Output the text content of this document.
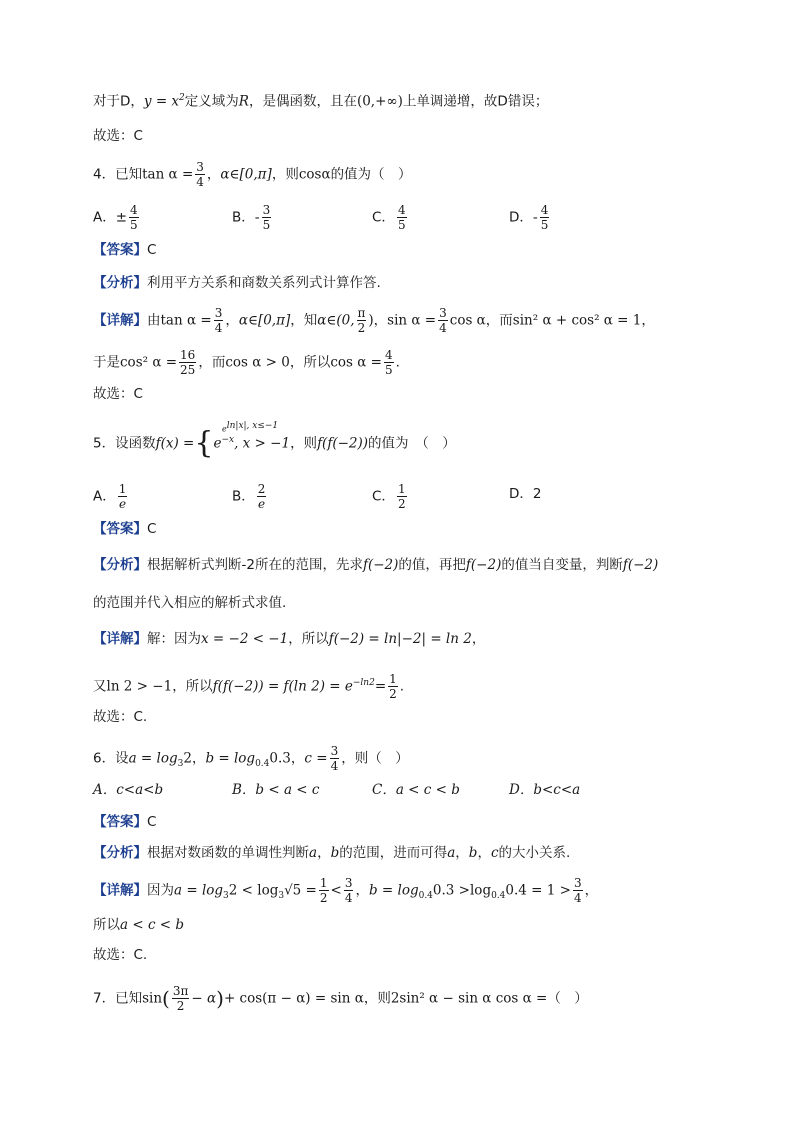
对于D，$y = x^2$定义域为R，是偶函数，且在(0,+∞)上单调递增，故D错误；
故选：C
4．已知$\tan \alpha = \frac{3}{4}$ ，α∈[0,π]，则cosα的值为（　）
A．± $\frac{4}{5}$	B．- $\frac{3}{5}$	C． $\frac{4}{5}$	D．- $\frac{4}{5}$
【答案】C
【分析】利用平方关系和商数关系列式计算作答.
【详解】由$\tan \alpha = \frac{3}{4}$ ，α∈[0,π]，知α∈(0, $\frac{\pi}{2}$ )，$\sin \alpha = \frac{3}{4}$ cos α，而sin² α + cos² α = 1，
于是cos² $\alpha = \frac{16}{25}$ ，而cos α > 0，所以$\cos \alpha = \frac{4}{5}$ .
故选：C
5．设函数$f(x) =\{e^{-x}$, x > −1，则f(f(−2))的值为　（　）
$e^{ln|x|, x\le-1}$
A． $\frac{1}{e}$	B． $\frac{2}{e}$	C． $\frac{1}{2}$	D．2
【答案】C
【分析】根据解析式判断-2所在的范围，先求f(−2)的值，再把f(−2)的值当自变量，判断f(−2)
的范围并代入相应的解析式求值.
【详解】解：因为x = −2 < −1，所以f(−2) = ln|−2| = ln 2，
又ln 2 > −1，所以f(f(−2)) = f(ln $2) = e^{-ln2}= \frac{1}{2}$ .
故选：C.
6．设$a = \log_32$，$b = \log_{0.4}0.3$，$c = \frac{3}{4}$ ，则（　）
A．c<a<b	B．b < a < c	C．a < c < b	D．b<c<a
【答案】C
【分析】根据对数函数的单调性判断a，b的范围，进而可得a，b，c的大小关系.
【详解】因为$a = \log_32 < \log_3√5 = \frac{1}{2} < \frac{3}{4}$ ，$b = \log_{0.4}0.3 >\log_{0.4}0.4 = 1 > \frac{3}{4}$ ，
所以a < c < b
故选：C.
7．已知$\sin( \frac{3\pi}{2} - \alpha)+ \cos(\pi - \alpha) = \sin \alpha$，则2sin² α − sin α cos α =（　）
